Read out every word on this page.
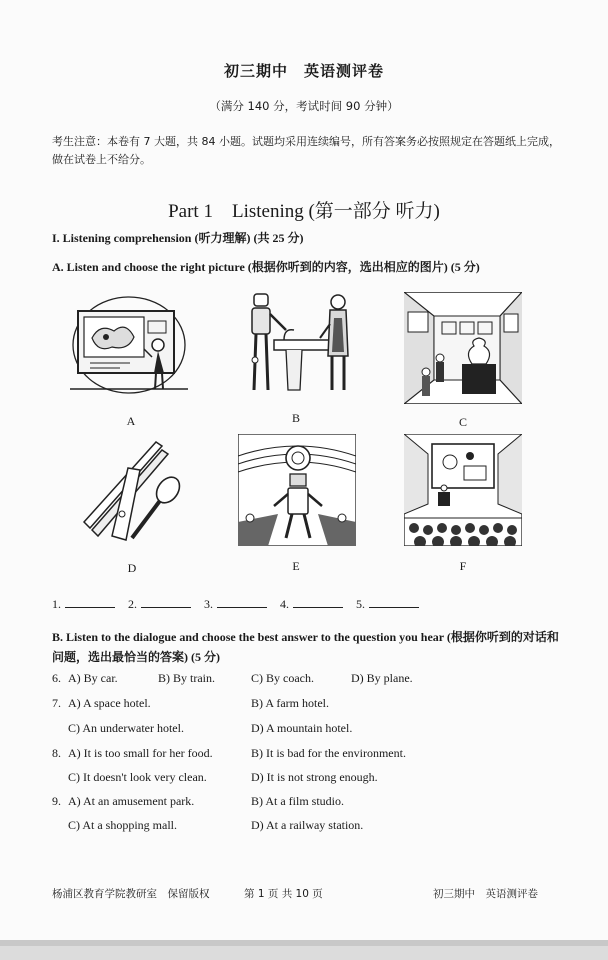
初三期中　英语测评卷
（满分 140 分，考试时间 90 分钟）
考生注意：本卷有 7 大题，共 84 小题。试题均采用连续编号，所有答案务必按照规定在答题纸上完成，做在试卷上不给分。
Part 1　Listening (第一部分 听力)
I. Listening comprehension (听力理解) (共 25 分)
A. Listen and choose the right picture (根据你听到的内容，选出相应的图片) (5 分)
A	B	C
D	E	F
1.	2.	3.	4.	5.
B. Listen to the dialogue and choose the best answer to the question you hear (根据你听到的对话和问题，选出最恰当的答案) (5 分)
6. A) By car.	B) By train.	C) By coach.	D) By plane.
7. A) A space hotel.	B) A farm hotel.
C) An underwater hotel.	D) A mountain hotel.
8. A) It is too small for her food.	B) It is bad for the environment.
C) It doesn't look very clean.	D) It is not strong enough.
9. A) At an amusement park.	B) At a film studio.
C) At a shopping mall.	D) At a railway station.
杨浦区教育学院教研室　保留版权	第 1 页 共 10 页	初三期中　英语测评卷
